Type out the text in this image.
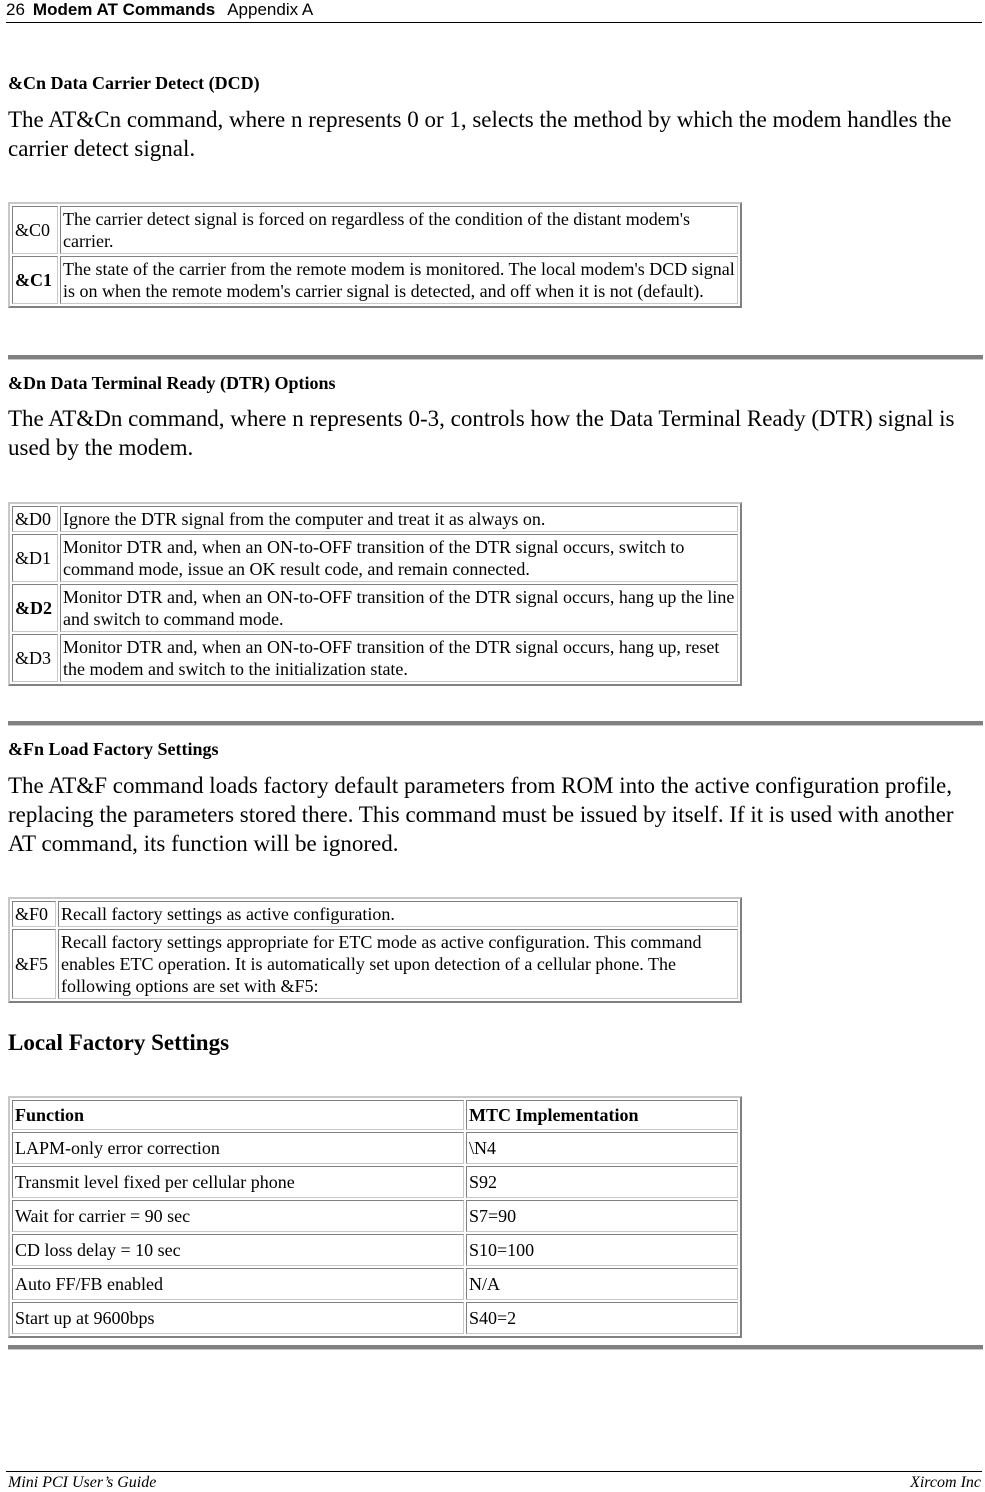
26 Modem AT Commands Appendix A
&Cn Data Carrier Detect (DCD)
The AT&Cn command, where n represents 0 or 1, selects the method by which the modem handles the carrier detect signal.
&C0	The carrier detect signal is forced on regardless of the condition of the distant modem's carrier.
&C1	The state of the carrier from the remote modem is monitored. The local modem's DCD signal is on when the remote modem's carrier signal is detected, and off when it is not (default).
&Dn Data Terminal Ready (DTR) Options
The AT&Dn command, where n represents 0-3, controls how the Data Terminal Ready (DTR) signal is used by the modem.
&D0	Ignore the DTR signal from the computer and treat it as always on.
&D1	Monitor DTR and, when an ON-to-OFF transition of the DTR signal occurs, switch to command mode, issue an OK result code, and remain connected.
&D2	Monitor DTR and, when an ON-to-OFF transition of the DTR signal occurs, hang up the line and switch to command mode.
&D3	Monitor DTR and, when an ON-to-OFF transition of the DTR signal occurs, hang up, reset the modem and switch to the initialization state.
&Fn Load Factory Settings
The AT&F command loads factory default parameters from ROM into the active configuration profile, replacing the parameters stored there. This command must be issued by itself. If it is used with another AT command, its function will be ignored.
&F0	Recall factory settings as active configuration.
&F5	Recall factory settings appropriate for ETC mode as active configuration. This command enables ETC operation. It is automatically set upon detection of a cellular phone. The following options are set with &F5:
Local Factory Settings
Function	MTC Implementation
LAPM-only error correction	\N4
Transmit level fixed per cellular phone	S92
Wait for carrier = 90 sec	S7=90
CD loss delay = 10 sec	S10=100
Auto FF/FB enabled	N/A
Start up at 9600bps	S40=2
Mini PCI User’s Guide	Xircom Inc
